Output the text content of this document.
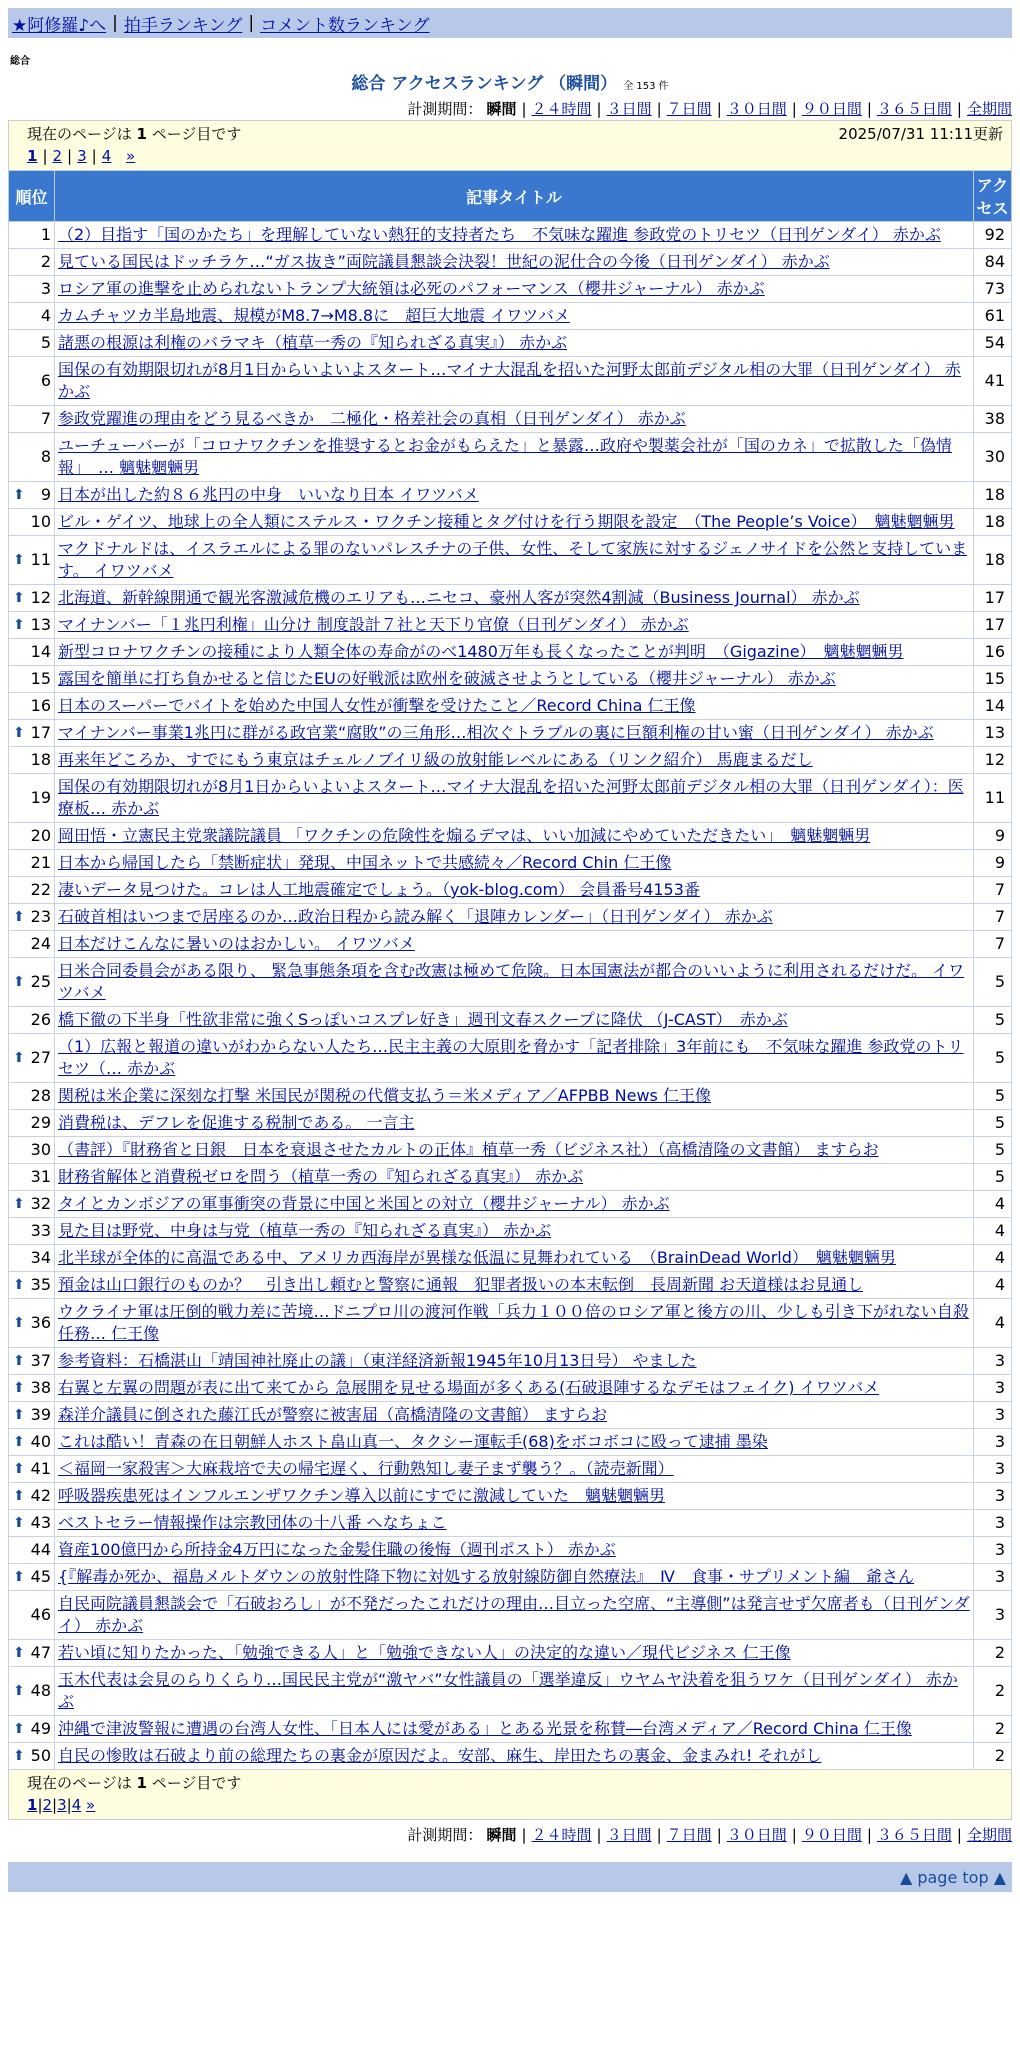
★阿修羅♪へ | 拍手ランキング | コメント数ランキング
総合
総合 アクセスランキング （瞬間） 全 153 件
計測期間： 瞬間 | ２４時間 | ３日間 | ７日間 | ３０日間 | ９０日間 | ３６５日間 | 全期間
現在のページは 1 ページ目です	2025/07/31 11:11更新
1 | 2 | 3 | 4 »
順位	記事タイトル	アクセス
1	（2）目指す「国のかたち」を理解していない熱狂的支持者たち　不気味な躍進 参政党のトリセツ（日刊ゲンダイ） 赤かぶ	92
2	見ている国民はドッチラケ…“ガス抜き”両院議員懇談会決裂！世紀の泥仕合の今後（日刊ゲンダイ） 赤かぶ	84
3	ロシア軍の進撃を止められないトランプ大統領は必死のパフォーマンス（櫻井ジャーナル） 赤かぶ	73
4	カムチャツカ半島地震、規模がM8.7→M8.8に　超巨大地震 イワツバメ	61
5	諸悪の根源は利権のバラマキ（植草一秀の『知られざる真実』） 赤かぶ	54
6	国保の有効期限切れが8月1日からいよいよスタート…マイナ大混乱を招いた河野太郎前デジタル相の大罪（日刊ゲンダイ） 赤かぶ	41
7	参政党躍進の理由をどう見るべきか　二極化・格差社会の真相（日刊ゲンダイ） 赤かぶ	38
8	ユーチューバーが「コロナワクチンを推奨するとお金がもらえた」と暴露…政府や製薬会社が「国のカネ」で拡散した「偽情報」　… 魑魅魍魎男	30

⬆ 9	日本が出した約８６兆円の中身　いいなり日本 イワツバメ	18
10	ビル・ゲイツ、地球上の全人類にステルス・ワクチン接種とタグ付けを行う期限を設定　（The People’s Voice）　魑魅魍魎男	18

⬆ 11	マクドナルドは、イスラエルによる罪のないパレスチナの子供、女性、そして家族に対するジェノサイドを公然と支持しています。 イワツバメ	18

⬆ 12	北海道、新幹線開通で観光客激減危機のエリアも…ニセコ、豪州人客が突然4割減（Business Journal） 赤かぶ	17

⬆ 13	マイナンバー「１兆円利権」山分け 制度設計７社と天下り官僚（日刊ゲンダイ） 赤かぶ	17
14	新型コロナワクチンの接種により人類全体の寿命がのべ1480万年も長くなったことが判明　（Gigazine）　魑魅魍魎男	16
15	露国を簡単に打ち負かせると信じたEUの好戦派は欧州を破滅させようとしている（櫻井ジャーナル） 赤かぶ	15
16	日本のスーパーでバイトを始めた中国人女性が衝撃を受けたこと／Record China 仁王像	14

⬆ 17	マイナンバー事業1兆円に群がる政官業“腐敗”の三角形…相次ぐトラブルの裏に巨額利権の甘い蜜（日刊ゲンダイ） 赤かぶ	13
18	再来年どころか、すでにもう東京はチェルノブイリ級の放射能レベルにある（リンク紹介） 馬鹿まるだし	12
19	国保の有効期限切れが8月1日からいよいよスタート…マイナ大混乱を招いた河野太郎前デジタル相の大罪（日刊ゲンダイ）：医療板… 赤かぶ	11
20	岡田悟・立憲民主党衆議院議員 「ワクチンの危険性を煽るデマは、いい加減にやめていただきたい」　魑魅魍魎男	9
21	日本から帰国したら「禁断症状」発現、中国ネットで共感続々／Record Chin 仁王像	9
22	凄いデータ見つけた。コレは人工地震確定でしょう。（yok-blog.com） 会員番号4153番	7

⬆ 23	石破首相はいつまで居座るのか…政治日程から読み解く「退陣カレンダー」（日刊ゲンダイ） 赤かぶ	7
24	日本だけこんなに暑いのはおかしい。 イワツバメ	7

⬆ 25	日米合同委員会がある限り、 緊急事態条項を含む改憲は極めて危険。日本国憲法が都合のいいように利用されるだけだ。 イワツバメ	5
26	橋下徹の下半身「性欲非常に強くSっぽいコスプレ好き」週刊文春スクープに降伏 （J-CAST）　赤かぶ	5

⬆ 27	（1）広報と報道の違いがわからない人たち…民主主義の大原則を脅かす「記者排除」3年前にも　不気味な躍進 参政党のトリセツ（… 赤かぶ	5
28	関税は米企業に深刻な打撃 米国民が関税の代償支払う＝米メディア／AFPBB News 仁王像	5
29	消費税は、デフレを促進する税制である。 一言主	5
30	（書評）『財務省と日銀　日本を衰退させたカルトの正体』植草一秀（ビジネス社）（高橋清隆の文書館） ますらお	5
31	財務省解体と消費税ゼロを問う（植草一秀の『知られざる真実』） 赤かぶ	5

⬆ 32	タイとカンボジアの軍事衝突の背景に中国と米国との対立（櫻井ジャーナル） 赤かぶ	4
33	見た目は野党、中身は与党（植草一秀の『知られざる真実』） 赤かぶ	4
34	北半球が全体的に高温である中、アメリカ西海岸が異様な低温に見舞われている　（BrainDead World）　魑魅魍魎男	4

⬆ 35	預金は山口銀行のものか？　引き出し頼むと警察に通報　犯罪者扱いの本末転倒　長周新聞 お天道様はお見通し	4

⬆ 36	ウクライナ軍は圧倒的戦力差に苦境…ドニプロ川の渡河作戦「兵力１００倍のロシア軍と後方の川、少しも引き下がれない自殺任務… 仁王像	4

⬆ 37	参考資料：石橋湛山「靖国神社廃止の議」（東洋経済新報1945年10月13日号） やました	3

⬆ 38	右翼と左翼の問題が表に出て来てから 急展開を見せる場面が多くある(石破退陣するなデモはフェイク) イワツバメ	3

⬆ 39	森洋介議員に倒された藤江氏が警察に被害届（高橋清隆の文書館） ますらお	3

⬆ 40	これは酷い！青森の在日朝鮮人ホスト畠山真一、タクシー運転手(68)をボコボコに殴って逮捕 墨染	3

⬆ 41	＜福岡一家殺害＞大麻栽培で夫の帰宅遅く、行動熟知し妻子まず襲う？。（読売新聞）	3

⬆ 42	呼吸器疾患死はインフルエンザワクチン導入以前にすでに激減していた　魑魅魍魎男	3

⬆ 43	ベストセラー情報操作は宗教団体の十八番 へなちょこ	3
44	資産100億円から所持金4万円になった金髪住職の後悔（週刊ポスト） 赤かぶ	3

⬆ 45	{『解毒か死か、福島メルトダウンの放射性降下物に対処する放射線防御自然療法』　Ⅳ　食事・サプリメント編　爺さん	3
46	自民両院議員懇談会で「石破おろし」が不発だったこれだけの理由…目立った空席、“主導側”は発言せず欠席者も（日刊ゲンダイ） 赤かぶ	3

⬆ 47	若い頃に知りたかった、「勉強できる人」と「勉強できない人」の決定的な違い／現代ビジネス 仁王像	2

⬆ 48	玉木代表は会見のらりくらり…国民民主党が“激ヤバ”女性議員の「選挙違反」ウヤムヤ決着を狙うワケ（日刊ゲンダイ） 赤かぶ	2

⬆ 49	沖縄で津波警報に遭遇の台湾人女性、「日本人には愛がある」とある光景を称賛―台湾メディア／Record China 仁王像	2

⬆ 50	自民の惨敗は石破より前の総理たちの裏金が原因だよ。安部、麻生、岸田たちの裏金、金まみれ! それがし	2
現在のページは 1 ページ目です
1|2|3|4 »
計測期間： 瞬間 | ２４時間 | ３日間 | ７日間 | ３０日間 | ９０日間 | ３６５日間 | 全期間
▲ page top ▲
